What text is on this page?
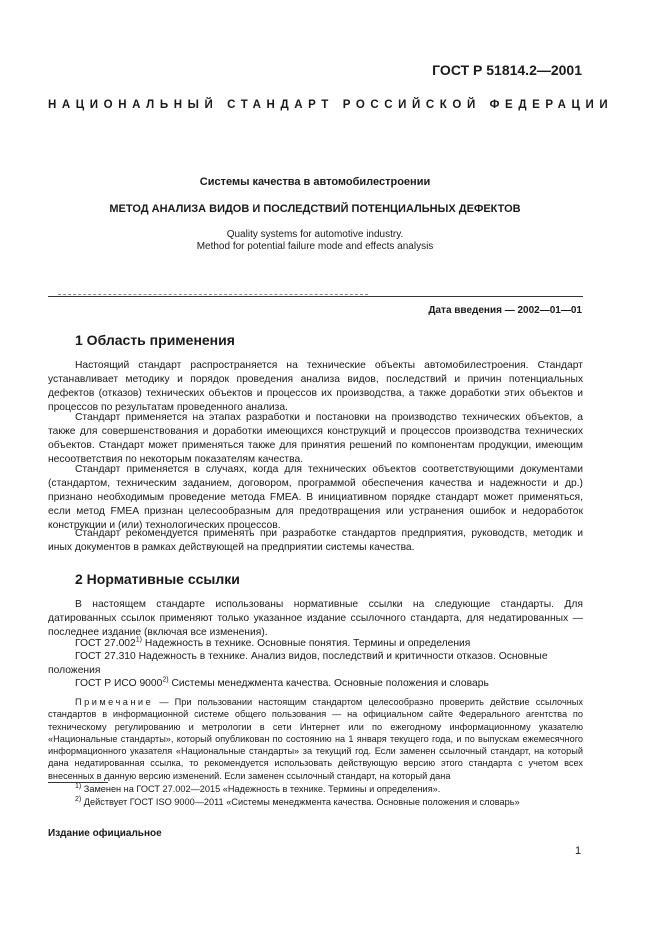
ГОСТ Р 51814.2—2001
НАЦИОНАЛЬНЫЙ СТАНДАРТ РОССИЙСКОЙ ФЕДЕРАЦИИ
Системы качества в автомобилестроении
МЕТОД АНАЛИЗА ВИДОВ И ПОСЛЕДСТВИЙ ПОТЕНЦИАЛЬНЫХ ДЕФЕКТОВ
Quality systems for automotive industry.
Method for potential failure mode and effects analysis
Дата введения — 2002—01—01
1 Область применения
Настоящий стандарт распространяется на технические объекты автомобилестроения. Стандарт устанавливает методику и порядок проведения анализа видов, последствий и причин потенциальных дефектов (отказов) технических объектов и процессов их производства, а также доработки этих объектов и процессов по результатам проведенного анализа.
Стандарт применяется на этапах разработки и постановки на производство технических объектов, а также для совершенствования и доработки имеющихся конструкций и процессов производства технических объектов. Стандарт может применяться также для принятия решений по компонентам продукции, имеющим несоответствия по некоторым показателям качества.
Стандарт применяется в случаях, когда для технических объектов соответствующими документами (стандартом, техническим заданием, договором, программой обеспечения качества и надежности и др.) признано необходимым проведение метода FMEA. В инициативном порядке стандарт может применяться, если метод FMEA признан целесообразным для предотвращения или устранения ошибок и недоработок конструкции и (или) технологических процессов.
Стандарт рекомендуется применять при разработке стандартов предприятия, руководств, методик и иных документов в рамках действующей на предприятии системы качества.
2 Нормативные ссылки
В настоящем стандарте использованы нормативные ссылки на следующие стандарты. Для датированных ссылок применяют только указанное издание ссылочного стандарта, для недатированных — последнее издание (включая все изменения).
ГОСТ 27.002$^{1)}$ Надежность в технике. Основные понятия. Термины и определения
ГОСТ 27.310 Надежность в технике. Анализ видов, последствий и критичности отказов. Основные положения
ГОСТ Р ИСО 9000$^{2)}$ Системы менеджмента качества. Основные положения и словарь
Примечание — При пользовании настоящим стандартом целесообразно проверить действие ссылочных стандартов в информационной системе общего пользования — на официальном сайте Федерального агентства по техническому регулированию и метрологии в сети Интернет или по ежегодному информационному указателю «Национальные стандарты», который опубликован по состоянию на 1 января текущего года, и по выпускам ежемесячного информационного указателя «Национальные стандарты» за текущий год. Если заменен ссылочный стандарт, на который дана недатированная ссылка, то рекомендуется использовать действующую версию этого стандарта с учетом всех внесенных в данную версию изменений. Если заменен ссылочный стандарт, на который дана
$^{1)}$ Заменен на ГОСТ 27.002—2015 «Надежность в технике. Термины и определения».
$^{2)}$ Действует ГОСТ ISO 9000—2011 «Системы менеджмента качества. Основные положения и словарь»
Издание официальное
1
